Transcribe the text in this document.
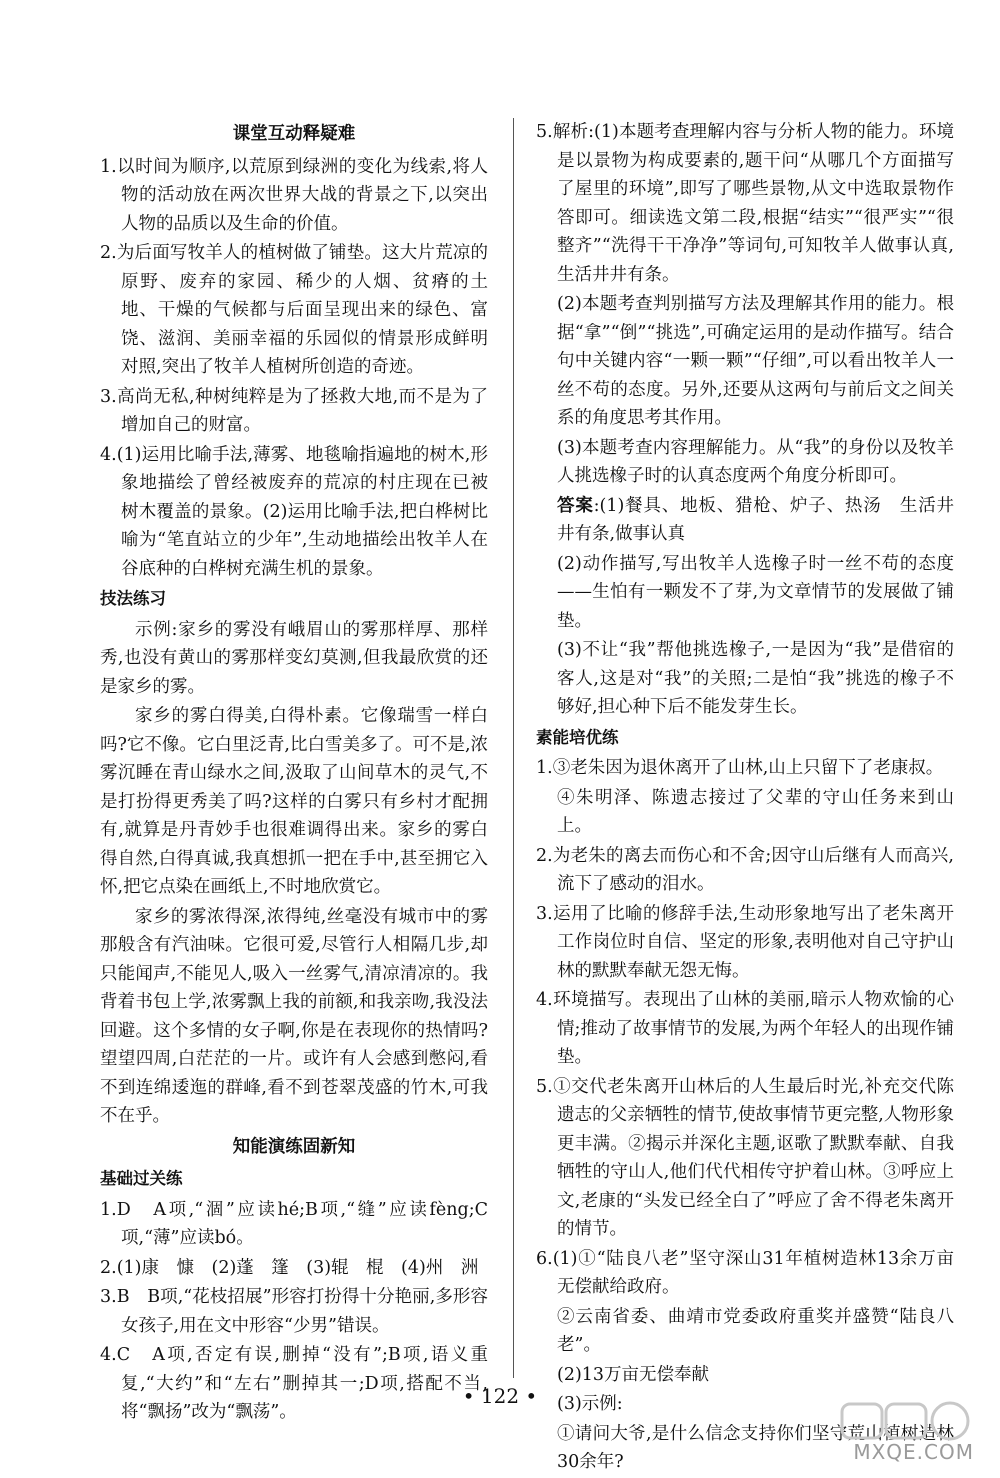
课堂互动释疑难
1.以时间为顺序,以荒原到绿洲的变化为线索,将人物的活动放在两次世界大战的背景之下,以突出人物的品质以及生命的价值。
2.为后面写牧羊人的植树做了铺垫。这大片荒凉的原野、废弃的家园、稀少的人烟、贫瘠的土地、干燥的气候都与后面呈现出来的绿色、富饶、滋润、美丽幸福的乐园似的情景形成鲜明对照,突出了牧羊人植树所创造的奇迹。
3.高尚无私,种树纯粹是为了拯救大地,而不是为了增加自己的财富。
4.(1)运用比喻手法,薄雾、地毯喻指遍地的树木,形象地描绘了曾经被废弃的荒凉的村庄现在已被树木覆盖的景象。(2)运用比喻手法,把白桦树比喻为“笔直站立的少年”,生动地描绘出牧羊人在谷底种的白桦树充满生机的景象。
技法练习
示例:家乡的雾没有峨眉山的雾那样厚、那样秀,也没有黄山的雾那样变幻莫测,但我最欣赏的还是家乡的雾。
家乡的雾白得美,白得朴素。它像瑞雪一样白吗?它不像。它白里泛青,比白雪美多了。可不是,浓雾沉睡在青山绿水之间,汲取了山间草木的灵气,不是打扮得更秀美了吗?这样的白雾只有乡村才配拥有,就算是丹青妙手也很难调得出来。家乡的雾白得自然,白得真诚,我真想抓一把在手中,甚至拥它入怀,把它点染在画纸上,不时地欣赏它。
家乡的雾浓得深,浓得纯,丝毫没有城市中的雾那般含有汽油味。它很可爱,尽管行人相隔几步,却只能闻声,不能见人,吸入一丝雾气,清凉清凉的。我背着书包上学,浓雾飘上我的前额,和我亲吻,我没法回避。这个多情的女子啊,你是在表现你的热情吗?望望四周,白茫茫的一片。或许有人会感到憋闷,看不到连绵逶迤的群峰,看不到苍翠茂盛的竹木,可我不在乎。
知能演练固新知
基础过关练
1.D　A项,“涸”应读hé;B项,“缝”应读fèng;C项,“薄”应读bó。
2.(1)康　慷　(2)蓬　篷　(3)辊　棍　(4)州　洲
3.B　B项,“花枝招展”形容打扮得十分艳丽,多形容女孩子,用在文中形容“少男”错误。
4.C　A项,否定有误,删掉“没有”;B项,语义重复,“大约”和“左右”删掉其一;D项,搭配不当,将“飘扬”改为“飘荡”。
5.解析:(1)本题考查理解内容与分析人物的能力。环境是以景物为构成要素的,题干问“从哪几个方面描写了屋里的环境”,即写了哪些景物,从文中选取景物作答即可。细读选文第二段,根据“结实”“很严实”“很整齐”“洗得干干净净”等词句,可知牧羊人做事认真,生活井井有条。
(2)本题考查判别描写方法及理解其作用的能力。根据“拿”“倒”“挑选”,可确定运用的是动作描写。结合句中关键内容“一颗一颗”“仔细”,可以看出牧羊人一丝不苟的态度。另外,还要从这两句与前后文之间关系的角度思考其作用。
(3)本题考查内容理解能力。从“我”的身份以及牧羊人挑选橡子时的认真态度两个角度分析即可。
答案:(1)餐具、地板、猎枪、炉子、热汤　生活井井有条,做事认真
(2)动作描写,写出牧羊人选橡子时一丝不苟的态度——生怕有一颗发不了芽,为文章情节的发展做了铺垫。
(3)不让“我”帮他挑选橡子,一是因为“我”是借宿的客人,这是对“我”的关照;二是怕“我”挑选的橡子不够好,担心种下后不能发芽生长。
素能培优练
1.③老朱因为退休离开了山林,山上只留下了老康叔。
④朱明泽、陈遗志接过了父辈的守山任务来到山上。
2.为老朱的离去而伤心和不舍;因守山后继有人而高兴,流下了感动的泪水。
3.运用了比喻的修辞手法,生动形象地写出了老朱离开工作岗位时自信、坚定的形象,表明他对自己守护山林的默默奉献无怨无悔。
4.环境描写。表现出了山林的美丽,暗示人物欢愉的心情;推动了故事情节的发展,为两个年轻人的出现作铺垫。
5.①交代老朱离开山林后的人生最后时光,补充交代陈遗志的父亲牺牲的情节,使故事情节更完整,人物形象更丰满。②揭示并深化主题,讴歌了默默奉献、自我牺牲的守山人,他们代代相传守护着山林。③呼应上文,老康的“头发已经全白了”呼应了舍不得老朱离开的情节。
6.(1)①“陆良八老”坚守深山31年植树造林13余万亩无偿献给政府。
②云南省委、曲靖市党委政府重奖并盛赞“陆良八老”。
(2)13万亩无偿奉献
(3)示例:
①请问大爷,是什么信念支持你们坚守荒山植树造林30余年?
• 122 •
MXQE.COM
